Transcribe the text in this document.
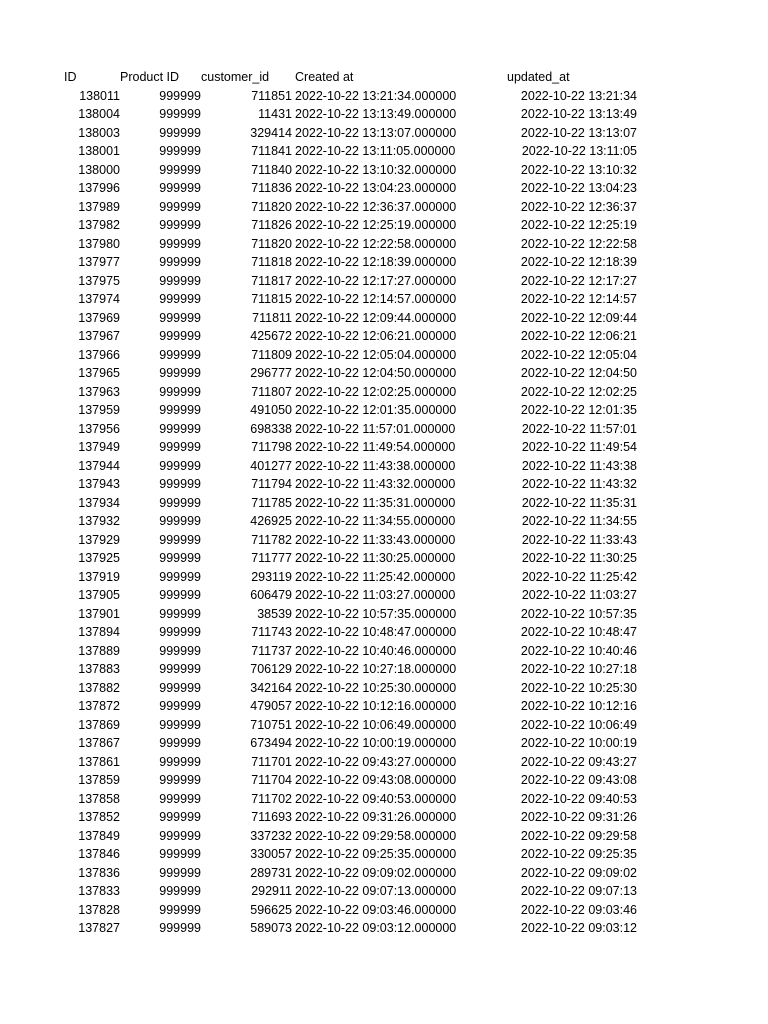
	ID	Product ID	customer_id	Created at	updated_at
	138011	999999	711851	2022-10-22 13:21:34.000000	2022-10-22 13:21:34
	138004	999999	11431	2022-10-22 13:13:49.000000	2022-10-22 13:13:49
	138003	999999	329414	2022-10-22 13:13:07.000000	2022-10-22 13:13:07
	138001	999999	711841	2022-10-22 13:11:05.000000	2022-10-22 13:11:05
	138000	999999	711840	2022-10-22 13:10:32.000000	2022-10-22 13:10:32
	137996	999999	711836	2022-10-22 13:04:23.000000	2022-10-22 13:04:23
	137989	999999	711820	2022-10-22 12:36:37.000000	2022-10-22 12:36:37
	137982	999999	711826	2022-10-22 12:25:19.000000	2022-10-22 12:25:19
	137980	999999	711820	2022-10-22 12:22:58.000000	2022-10-22 12:22:58
	137977	999999	711818	2022-10-22 12:18:39.000000	2022-10-22 12:18:39
	137975	999999	711817	2022-10-22 12:17:27.000000	2022-10-22 12:17:27
	137974	999999	711815	2022-10-22 12:14:57.000000	2022-10-22 12:14:57
	137969	999999	711811	2022-10-22 12:09:44.000000	2022-10-22 12:09:44
	137967	999999	425672	2022-10-22 12:06:21.000000	2022-10-22 12:06:21
	137966	999999	711809	2022-10-22 12:05:04.000000	2022-10-22 12:05:04
	137965	999999	296777	2022-10-22 12:04:50.000000	2022-10-22 12:04:50
	137963	999999	711807	2022-10-22 12:02:25.000000	2022-10-22 12:02:25
	137959	999999	491050	2022-10-22 12:01:35.000000	2022-10-22 12:01:35
	137956	999999	698338	2022-10-22 11:57:01.000000	2022-10-22 11:57:01
	137949	999999	711798	2022-10-22 11:49:54.000000	2022-10-22 11:49:54
	137944	999999	401277	2022-10-22 11:43:38.000000	2022-10-22 11:43:38
	137943	999999	711794	2022-10-22 11:43:32.000000	2022-10-22 11:43:32
	137934	999999	711785	2022-10-22 11:35:31.000000	2022-10-22 11:35:31
	137932	999999	426925	2022-10-22 11:34:55.000000	2022-10-22 11:34:55
	137929	999999	711782	2022-10-22 11:33:43.000000	2022-10-22 11:33:43
	137925	999999	711777	2022-10-22 11:30:25.000000	2022-10-22 11:30:25
	137919	999999	293119	2022-10-22 11:25:42.000000	2022-10-22 11:25:42
	137905	999999	606479	2022-10-22 11:03:27.000000	2022-10-22 11:03:27
	137901	999999	38539	2022-10-22 10:57:35.000000	2022-10-22 10:57:35
	137894	999999	711743	2022-10-22 10:48:47.000000	2022-10-22 10:48:47
	137889	999999	711737	2022-10-22 10:40:46.000000	2022-10-22 10:40:46
	137883	999999	706129	2022-10-22 10:27:18.000000	2022-10-22 10:27:18
	137882	999999	342164	2022-10-22 10:25:30.000000	2022-10-22 10:25:30
	137872	999999	479057	2022-10-22 10:12:16.000000	2022-10-22 10:12:16
	137869	999999	710751	2022-10-22 10:06:49.000000	2022-10-22 10:06:49
	137867	999999	673494	2022-10-22 10:00:19.000000	2022-10-22 10:00:19
	137861	999999	711701	2022-10-22 09:43:27.000000	2022-10-22 09:43:27
	137859	999999	711704	2022-10-22 09:43:08.000000	2022-10-22 09:43:08
	137858	999999	711702	2022-10-22 09:40:53.000000	2022-10-22 09:40:53
	137852	999999	711693	2022-10-22 09:31:26.000000	2022-10-22 09:31:26
	137849	999999	337232	2022-10-22 09:29:58.000000	2022-10-22 09:29:58
	137846	999999	330057	2022-10-22 09:25:35.000000	2022-10-22 09:25:35
	137836	999999	289731	2022-10-22 09:09:02.000000	2022-10-22 09:09:02
	137833	999999	292911	2022-10-22 09:07:13.000000	2022-10-22 09:07:13
	137828	999999	596625	2022-10-22 09:03:46.000000	2022-10-22 09:03:46
	137827	999999	589073	2022-10-22 09:03:12.000000	2022-10-22 09:03:12
